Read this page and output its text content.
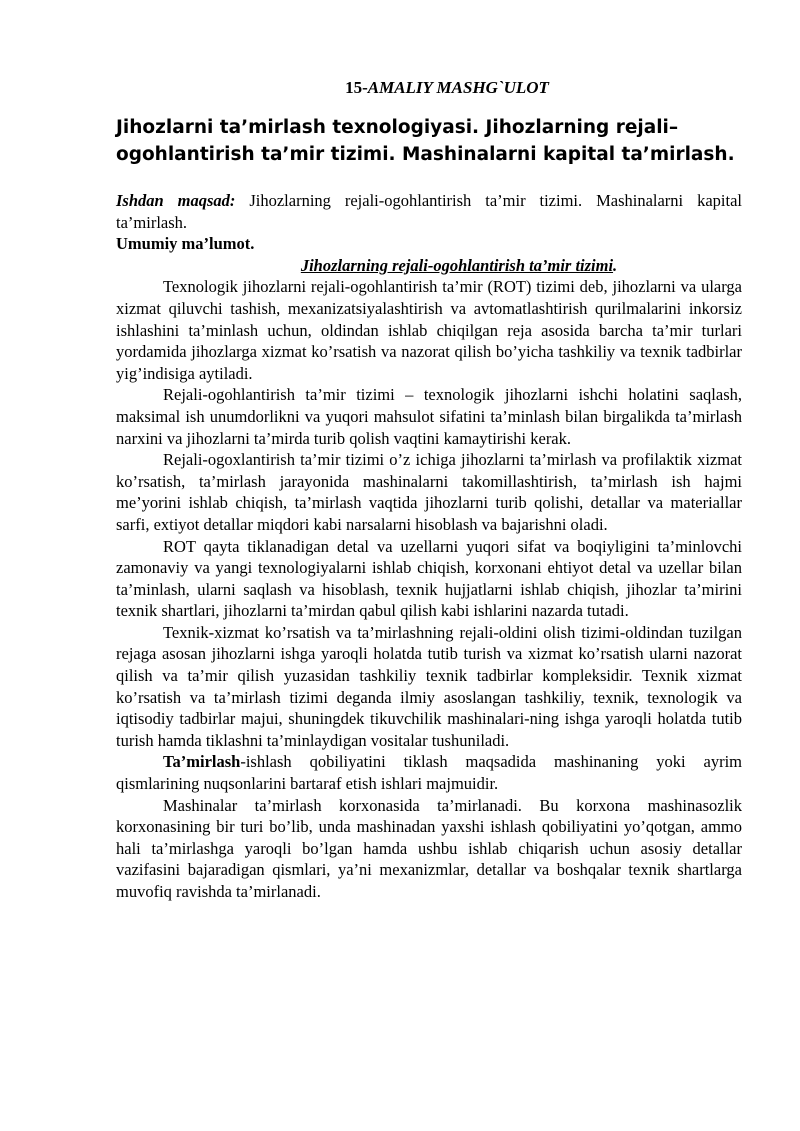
15-AMALIY MASHG`ULOT
Jihozlarni ta’mirlash texnologiyasi. Jihozlarning rejali–ogohlantirish ta’mir tizimi. Mashinalarni kapital ta’mirlash.

Ishdan maqsad: Jihozlarning rejali-ogohlantirish ta’mir tizimi. Mashinalarni kapital ta’mirlash.

Umumiy ma’lumot.

Jihozlarning rejali-ogohlantirish ta’mir tizimi.

Texnologik jihozlarni rejali-ogohlantirish ta’mir (ROT) tizimi deb, jihozlarni va ularga xizmat qiluvchi tashish, mexanizatsiyalashtirish va avtomatlashtirish qurilmalarini inkorsiz ishlashini ta’minlash uchun, oldindan ishlab chiqilgan reja asosida barcha ta’mir turlari yordamida jihozlarga xizmat ko’rsatish va nazorat qilish bo’yicha tashkiliy va texnik tadbirlar yig’indisiga aytiladi.

Rejali-ogohlantirish ta’mir tizimi – texnologik jihozlarni ishchi holatini saqlash, maksimal ish unumdorlikni va yuqori mahsulot sifatini ta’minlash bilan birgalikda ta’mirlash narxini va jihozlarni ta’mirda turib qolish vaqtini kamaytirishi kerak.

Rejali-ogoxlantirish ta’mir tizimi o’z ichiga jihozlarni ta’mirlash va profilaktik xizmat ko’rsatish, ta’mirlash jarayonida mashinalarni takomillashtirish, ta’mirlash ish hajmi me’yorini ishlab chiqish, ta’mirlash vaqtida jihozlarni turib qolishi, detallar va materiallar sarfi, extiyot detallar miqdori kabi narsalarni hisoblash va bajarishni oladi.

ROT qayta tiklanadigan detal va uzellarni yuqori sifat va boqiyligini ta’minlovchi zamonaviy va yangi texnologiyalarni ishlab chiqish, korxonani ehtiyot detal va uzellar bilan ta’minlash, ularni saqlash va hisoblash, texnik hujjatlarni ishlab chiqish, jihozlar ta’mirini texnik shartlari, jihozlarni ta’mirdan qabul qilish kabi ishlarini nazarda tutadi.

Texnik-xizmat ko’rsatish va ta’mirlashning rejali-oldini olish tizimi-oldindan tuzilgan rejaga asosan jihozlarni ishga yaroqli holatda tutib turish va xizmat ko’rsatish ularni nazorat qilish va ta’mir qilish yuzasidan tashkiliy texnik tadbirlar kompleksidir. Texnik xizmat ko’rsatish va ta’mirlash tizimi deganda ilmiy asoslangan tashkiliy, texnik, texnologik va iqtisodiy tadbirlar majui, shuningdek tikuvchilik mashinalari-ning ishga yaroqli holatda tutib turish hamda tiklashni ta’minlaydigan vositalar tushuniladi.

Ta’mirlash-ishlash qobiliyatini tiklash maqsadida mashinaning yoki ayrim qismlarining nuqsonlarini bartaraf etish ishlari majmuidir.

Mashinalar ta’mirlash korxonasida ta’mirlanadi. Bu korxona mashinasozlik korxonasining bir turi bo’lib, unda mashinadan yaxshi ishlash qobiliyatini yo’qotgan, ammo hali ta’mirlashga yaroqli bo’lgan hamda ushbu ishlab chiqarish uchun asosiy detallar vazifasini bajaradigan qismlari, ya’ni mexanizmlar, detallar va boshqalar texnik shartlarga muvofiq ravishda ta’mirlanadi.
